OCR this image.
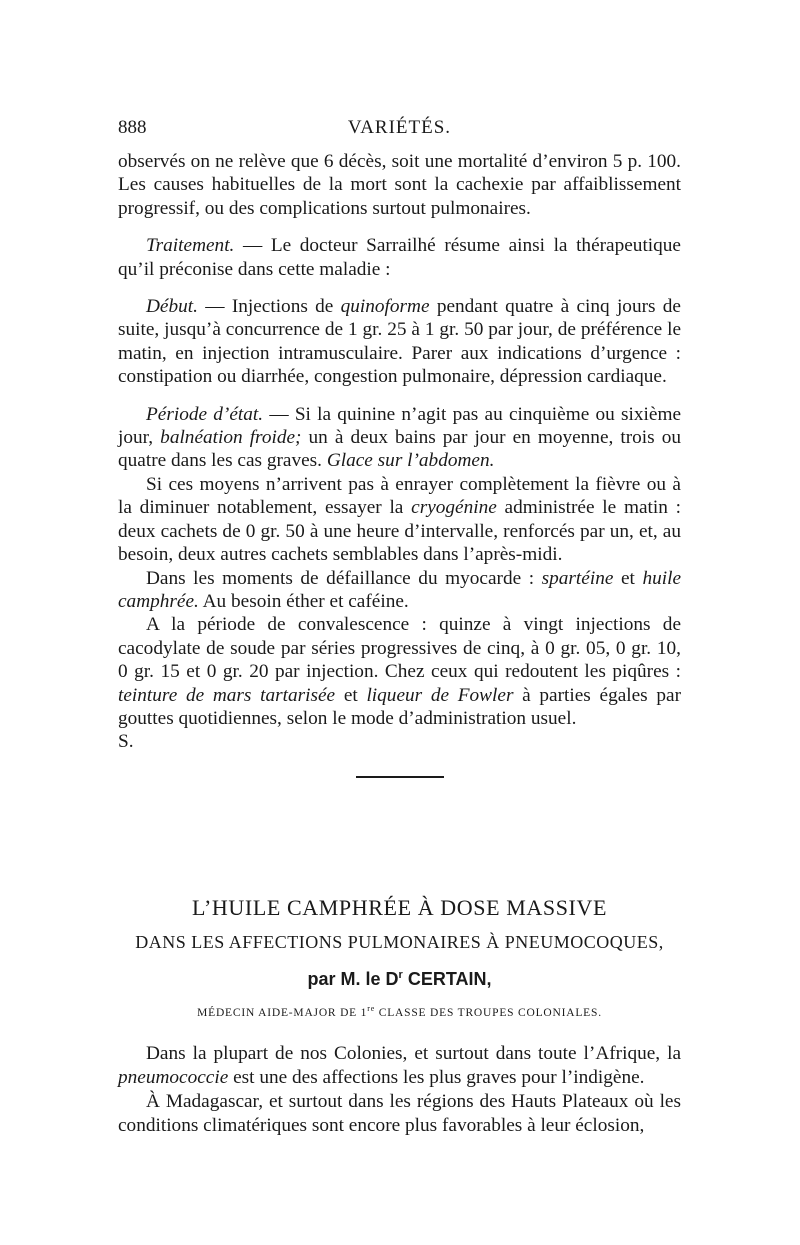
888	VARIÉTÉS.

observés on ne relève que 6 décès, soit une mortalité d’environ 5 p. 100. Les causes habituelles de la mort sont la cachexie par affaiblissement progressif, ou des complications surtout pulmonaires.

Traitement. — Le docteur Sarrailhé résume ainsi la thérapeutique qu’il préconise dans cette maladie :

Début. — Injections de quinoforme pendant quatre à cinq jours de suite, jusqu’à concurrence de 1 gr. 25 à 1 gr. 50 par jour, de préférence le matin, en injection intramusculaire. Parer aux indications d’urgence : constipation ou diarrhée, congestion pulmonaire, dépression cardiaque.

Période d’état. — Si la quinine n’agit pas au cinquième ou sixième jour, balnéation froide; un à deux bains par jour en moyenne, trois ou quatre dans les cas graves. Glace sur l’abdomen.

Si ces moyens n’arrivent pas à enrayer complètement la fièvre ou à la diminuer notablement, essayer la cryogénine administrée le matin : deux cachets de 0 gr. 50 à une heure d’intervalle, renforcés par un, et, au besoin, deux autres cachets semblables dans l’après-midi.

Dans les moments de défaillance du myocarde : spartéine et huile camphrée. Au besoin éther et caféine.

A la période de convalescence : quinze à vingt injections de cacodylate de soude par séries progressives de cinq, à 0 gr. 05, 0 gr. 10, 0 gr. 15 et 0 gr. 20 par injection. Chez ceux qui redoutent les piqûres : teinture de mars tartarisée et liqueur de Fowler à parties égales par gouttes quotidiennes, selon le mode d’administration usuel.

S.

L’HUILE CAMPHRÉE À DOSE MASSIVE
DANS LES AFFECTIONS PULMONAIRES À PNEUMOCOQUES,
par M. le $D^r$ CERTAIN,
MÉDECIN AIDE-MAJOR DE 1re CLASSE DES TROUPES COLONIALES.

Dans la plupart de nos Colonies, et surtout dans toute l’Afrique, la pneumococcie est une des affections les plus graves pour l’indigène.

À Madagascar, et surtout dans les régions des Hauts Plateaux où les conditions climatériques sont encore plus favorables à leur éclosion,
